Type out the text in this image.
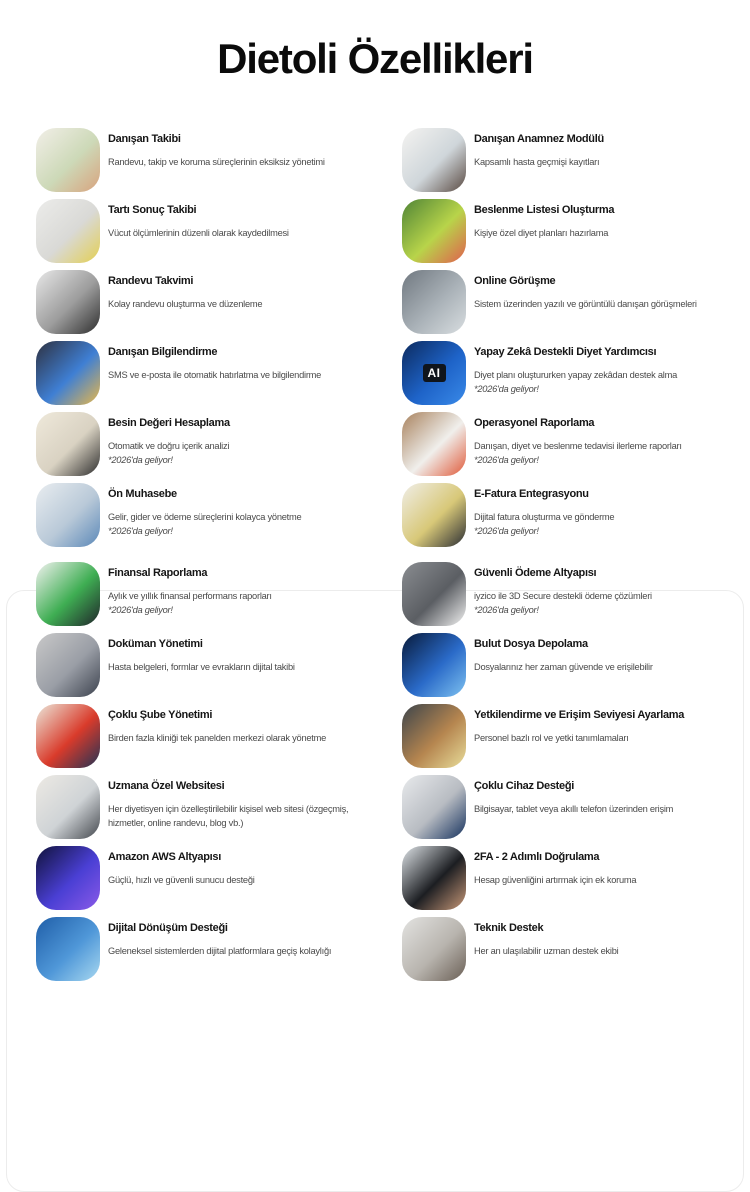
Dietoli Özellikleri
Danışan Takibi
Randevu, takip ve koruma süreçlerinin eksiksiz yönetimi
Tartı Sonuç Takibi
Vücut ölçümlerinin düzenli olarak kaydedilmesi
Randevu Takvimi
Kolay randevu oluşturma ve düzenleme
Danışan Bilgilendirme
SMS ve e-posta ile otomatik hatırlatma ve bilgilendirme
Besin Değeri Hesaplama
Otomatik ve doğru içerik analizi
*2026'da geliyor!
Ön Muhasebe
Gelir, gider ve ödeme süreçlerini kolayca yönetme
*2026'da geliyor!
Finansal Raporlama
Aylık ve yıllık finansal performans raporları
*2026'da geliyor!
Doküman Yönetimi
Hasta belgeleri, formlar ve evrakların dijital takibi
Çoklu Şube Yönetimi
Birden fazla kliniği tek panelden merkezi olarak yönetme
Uzmana Özel Websitesi
Her diyetisyen için özelleştirilebilir kişisel web sitesi (özgeçmiş, hizmetler, online randevu, blog vb.)
Amazon AWS Altyapısı
Güçlü, hızlı ve güvenli sunucu desteği
Dijital Dönüşüm Desteği
Geleneksel sistemlerden dijital platformlara geçiş kolaylığı
Danışan Anamnez Modülü
Kapsamlı hasta geçmişi kayıtları
Beslenme Listesi Oluşturma
Kişiye özel diyet planları hazırlama
Online Görüşme
Sistem üzerinden yazılı ve görüntülü danışan görüşmeleri
AI
Yapay Zekâ Destekli Diyet Yardımcısı
Diyet planı oluştururken yapay zekâdan destek alma
*2026'da geliyor!
Operasyonel Raporlama
Danışan, diyet ve beslenme tedavisi ilerleme raporları
*2026'da geliyor!
E-Fatura Entegrasyonu
Dijital fatura oluşturma ve gönderme
*2026'da geliyor!
Güvenli Ödeme Altyapısı
iyzico ile 3D Secure destekli ödeme çözümleri
*2026'da geliyor!
Bulut Dosya Depolama
Dosyalarınız her zaman güvende ve erişilebilir
Yetkilendirme ve Erişim Seviyesi Ayarlama
Personel bazlı rol ve yetki tanımlamaları
Çoklu Cihaz Desteği
Bilgisayar, tablet veya akıllı telefon üzerinden erişim
2FA - 2 Adımlı Doğrulama
Hesap güvenliğini artırmak için ek koruma
Teknik Destek
Her an ulaşılabilir uzman destek ekibi
